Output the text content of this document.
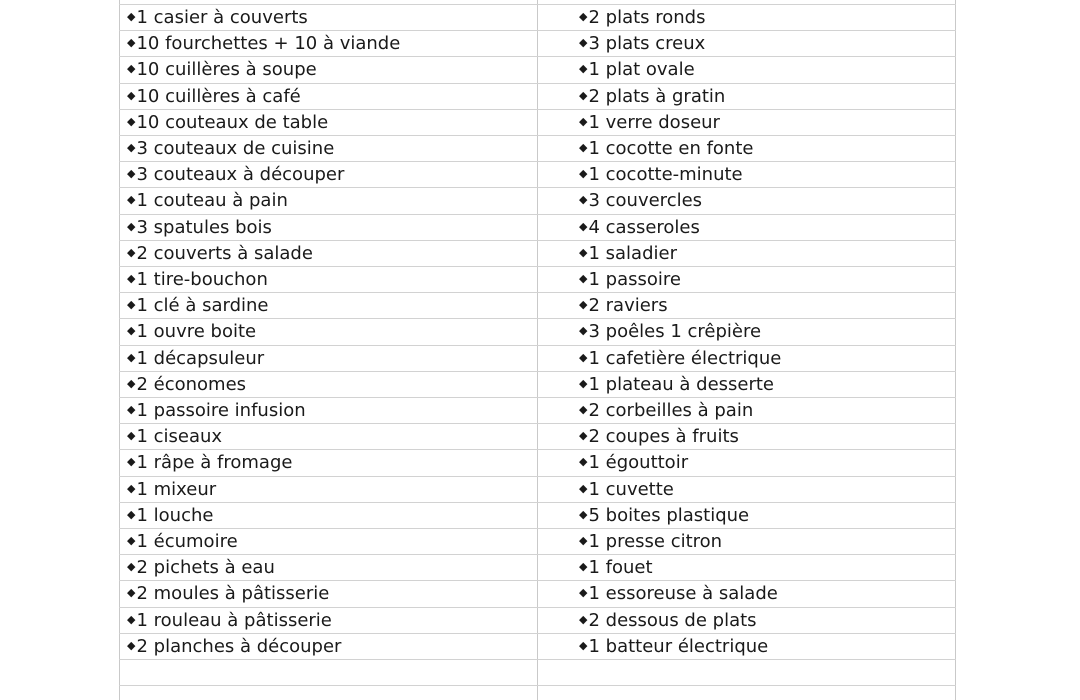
◆1 casier à couverts	◆2 plats ronds
◆10 fourchettes + 10 à viande	◆3 plats creux
◆10 cuillères à soupe	◆1 plat ovale
◆10 cuillères à café	◆2 plats à gratin
◆10 couteaux de table	◆1 verre doseur
◆3 couteaux de cuisine	◆1 cocotte en fonte
◆3 couteaux à découper	◆1 cocotte-minute
◆1 couteau à pain	◆3 couvercles
◆3 spatules bois	◆4 casseroles
◆2 couverts à salade	◆1 saladier
◆1 tire-bouchon	◆1 passoire
◆1 clé à sardine	◆2 raviers
◆1 ouvre boite	◆3 poêles 1 crêpière
◆1 décapsuleur	◆1 cafetière électrique
◆2 économes	◆1 plateau à desserte
◆1 passoire infusion	◆2 corbeilles à pain
◆1 ciseaux	◆2 coupes à fruits
◆1 râpe à fromage	◆1 égouttoir
◆1 mixeur	◆1 cuvette
◆1 louche	◆5 boites plastique
◆1 écumoire	◆1 presse citron
◆2 pichets à eau	◆1 fouet
◆2 moules à pâtisserie	◆1 essoreuse à salade
◆1 rouleau à pâtisserie	◆2 dessous de plats
◆2 planches à découper	◆1 batteur électrique
